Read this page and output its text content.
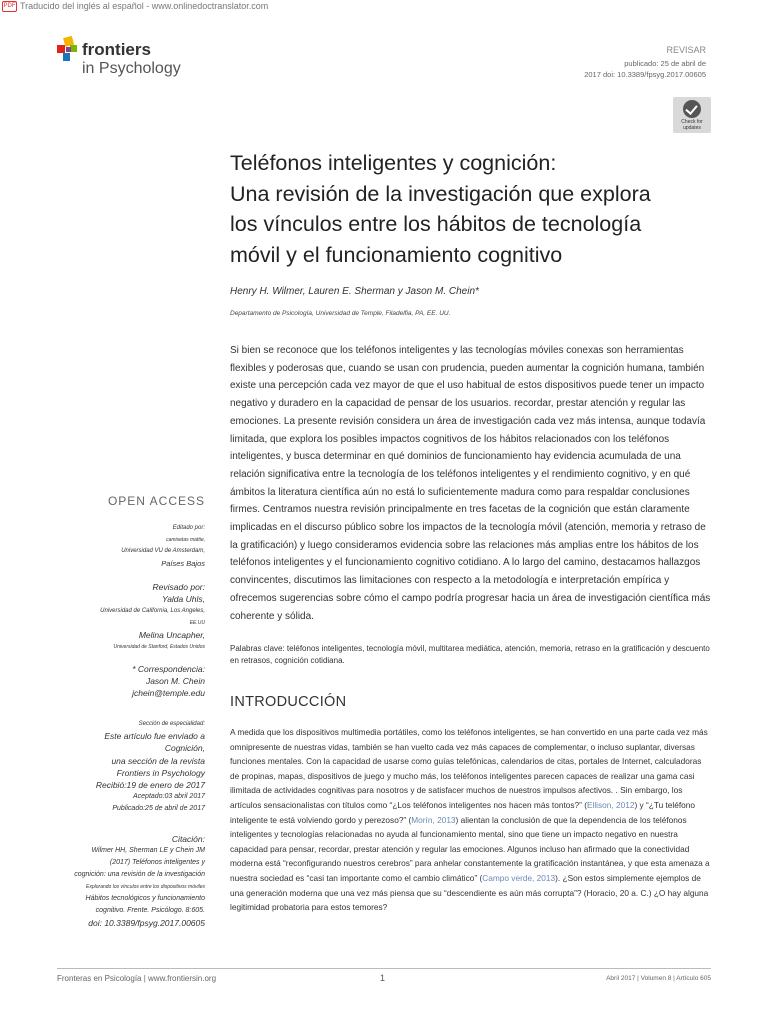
PDF Traducido del inglés al español - www.onlinedoctranslator.com
frontiers
in Psychology
REVISAR
publicado: 25 de abril de
2017 doi: 10.3389/fpsyg.2017.00605
Check for
updates
Teléfonos inteligentes y cognición:
Una revisión de la investigación que explora
los vínculos entre los hábitos de tecnología
móvil y el funcionamiento cognitivo
Henry H. Wilmer, Lauren E. Sherman y Jason M. Chein*
Departamento de Psicología, Universidad de Temple, Filadelfia, PA, EE. UU.
Si bien se reconoce que los teléfonos inteligentes y las tecnologías móviles conexas son herramientas flexibles y poderosas que, cuando se usan con prudencia, pueden aumentar la cognición humana, también existe una percepción cada vez mayor de que el uso habitual de estos dispositivos puede tener un impacto negativo y duradero en la capacidad de pensar de los usuarios. recordar, prestar atención y regular las emociones. La presente revisión considera un área de investigación cada vez más intensa, aunque todavía limitada, que explora los posibles impactos cognitivos de los hábitos relacionados con los teléfonos inteligentes, y busca determinar en qué dominios de funcionamiento hay evidencia acumulada de una relación significativa entre la tecnología de los teléfonos inteligentes y el rendimiento cognitivo, y en qué ámbitos la literatura científica aún no está lo suficientemente madura como para respaldar conclusiones firmes. Centramos nuestra revisión principalmente en tres facetas de la cognición que están claramente implicadas en el discurso público sobre los impactos de la tecnología móvil (atención, memoria y retraso de la gratificación) y luego consideramos evidencia sobre las relaciones más amplias entre los hábitos de los teléfonos inteligentes y el funcionamiento cognitivo cotidiano. A lo largo del camino, destacamos hallazgos convincentes, discutimos las limitaciones con respecto a la metodología e interpretación empírica y ofrecemos sugerencias sobre cómo el campo podría progresar hacia un área de investigación científica más coherente y sólida.
Palabras clave: teléfonos inteligentes, tecnología móvil, multitarea mediática, atención, memoria, retraso en la gratificación y descuento en retrasos, cognición cotidiana.
INTRODUCCIÓN
A medida que los dispositivos multimedia portátiles, como los teléfonos inteligentes, se han convertido en una parte cada vez más omnipresente de nuestras vidas, también se han vuelto cada vez más capaces de complementar, o incluso suplantar, diversas funciones mentales. Con la capacidad de usarse como guías telefónicas, calendarios de citas, portales de Internet, calculadoras de propinas, mapas, dispositivos de juego y mucho más, los teléfonos inteligentes parecen capaces de realizar una gama casi ilimitada de actividades cognitivas para nosotros y de satisfacer muchos de nuestros impulsos afectivos. . Sin embargo, los artículos sensacionalistas con títulos como “¿Los teléfonos inteligentes nos hacen más tontos?” (Ellison, 2012) y “¿Tu teléfono inteligente te está volviendo gordo y perezoso?” (Morín, 2013) alientan la conclusión de que la dependencia de los teléfonos inteligentes y tecnologías relacionadas no ayuda al funcionamiento mental, sino que tiene un impacto negativo en nuestra capacidad para pensar, recordar, prestar atención y regular las emociones. Algunos incluso han afirmado que la conectividad moderna está “reconfigurando nuestros cerebros” para anhelar constantemente la gratificación instantánea, y que esta amenaza a nuestra sociedad es “casi tan importante como el cambio climático” (Campo verde, 2013). ¿Son estos simplemente ejemplos de una generación moderna que una vez más piensa que su “descendiente es aún más corrupta”? (Horacio, 20 a. C.) ¿O hay alguna legitimidad probatoria para estos temores?
OPEN ACCESS
Editado por:
camisetas mattie,
Universidad VU de Amsterdam,
Países Bajos
Revisado por:
Yalda Uhls,
Universidad de California, Los Angeles,
EE.UU
Melina Uncapher,
Universidad de Stanford, Estados Unidos
* Correspondencia:
Jason M. Chein
jchein@temple.edu
Sección de especialidad:
Este artículo fue enviado a
Cognición,
una sección de la revista
Frontiers in Psychology
Recibió:19 de enero de 2017
Aceptado:03 abril 2017
Publicado:25 de abril de 2017
Citación:
Wilmer HH, Sherman LE y Chein JM
(2017) Teléfonos inteligentes y
cognición: una revisión de la investigación
Explorando los vínculos entre los dispositivos móviles
Hábitos tecnológicos y funcionamiento
cognitivo. Frente. Psicólogo. 8:605.
doi: 10.3389/fpsyg.2017.00605
Fronteras en Psicología | www.frontiersin.org	1	Abril 2017 | Volumen 8 | Artículo 605
